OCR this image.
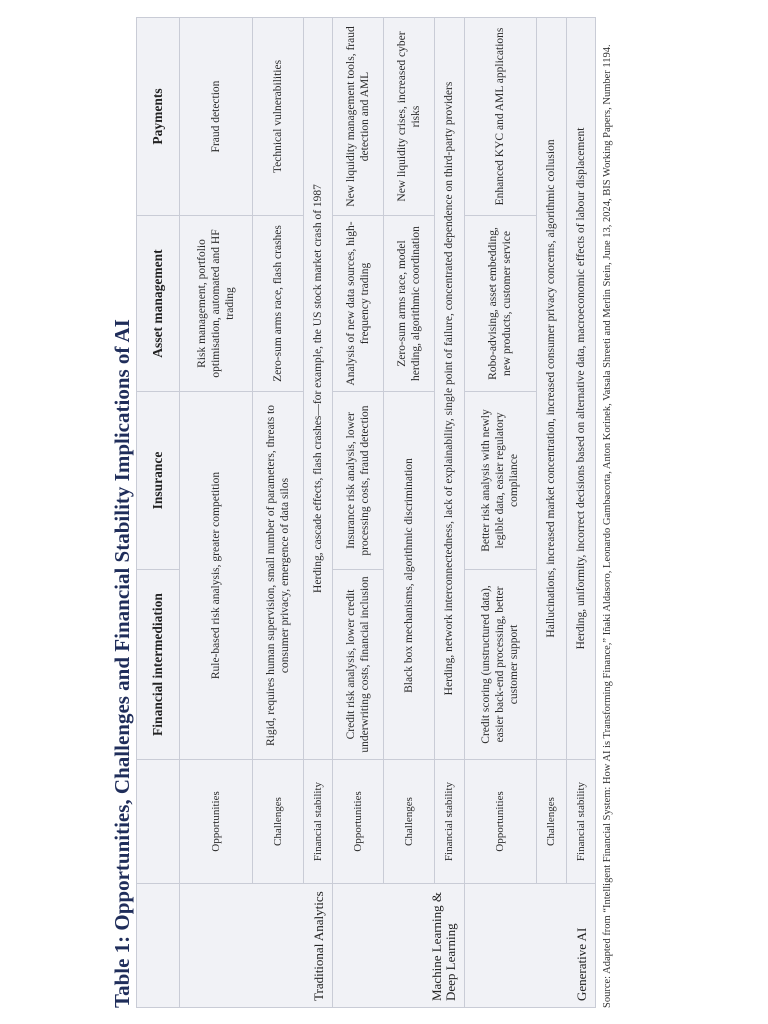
Table 1: Opportunities, Challenges and Financial Stability Implications of AI
		Financial intermediation	Insurance	Asset management	Payments
Traditional Analytics	Opportunities	Rule-based risk analysis, greater competition		Risk management, portfolio optimisation, automated and HF trading	Fraud detection
	Challenges	Rigid, requires human supervision, small number of parameters, threats to consumer privacy, emergence of data silos		Zero-sum arms race, flash crashes	Technical vulnerabilities
	Financial stability	Herding, cascade effects, flash crashes—for example, the US stock market crash of 1987			
Machine Learning & Deep Learning	Opportunities	Credit risk analysis, lower credit underwriting costs, financial inclusion	Insurance risk analysis, lower processing costs, fraud detection	Analysis of new data sources, high-frequency trading	New liquidity management tools, fraud detection and AML
	Challenges	Black box mechanisms, algorithmic discrimination		Zero-sum arms race, model herding, algorithmic coordination	New liquidity crises, increased cyber risks
	Financial stability	Herding, network interconnectedness, lack of explainability, single point of failure, concentrated dependence on third-party providers			
Generative AI	Opportunities	Credit scoring (unstructured data), easier back-end processing, better customer support	Better risk analysis with newly legible data, easier regulatory compliance	Robo-advising, asset embedding, new products, customer service	Enhanced KYC and AML applications
	Challenges	Hallucinations, increased market concentration, increased consumer privacy concerns, algorithmic collusion			
	Financial stability	Herding, uniformity, incorrect decisions based on alternative data, macroeconomic effects of labour displacement			Source: Adapted from “Intelligent Financial System: How AI is Transforming Finance,” Iñaki Aldasoro, Leonardo Gambacorta, Anton Korinek, Vatsala Shreeti and Merlin Stein, June 13, 2024, BIS Working Papers, Number 1194.
